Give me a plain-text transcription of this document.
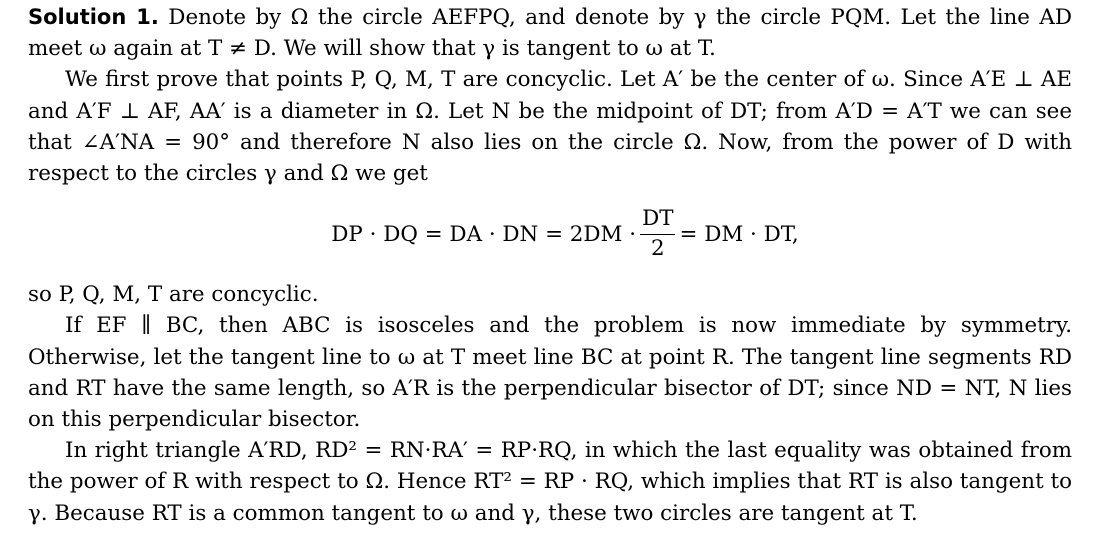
Solution 1. Denote by Ω the circle AEFPQ, and denote by γ the circle PQM. Let the line AD meet ω again at T ≠ D. We will show that γ is tangent to ω at T.

We first prove that points P, Q, M, T are concyclic. Let A′ be the center of ω. Since A′E ⊥ AE and A′F ⊥ AF, AA′ is a diameter in Ω. Let N be the midpoint of DT; from A′D = A′T we can see that ∠A′NA = 90° and therefore N also lies on the circle Ω. Now, from the power of D with respect to the circles γ and Ω we get

DP · DQ = DA · DN = $2DM \cdot \frac{DT}{2}$ = DM · DT,

so P, Q, M, T are concyclic.

If EF ∥ BC, then ABC is isosceles and the problem is now immediate by symmetry. Otherwise, let the tangent line to ω at T meet line BC at point R. The tangent line segments RD and RT have the same length, so A′R is the perpendicular bisector of DT; since ND = NT, N lies on this perpendicular bisector.

In right triangle A′RD, RD² = RN·RA′ = RP·RQ, in which the last equality was obtained from the power of R with respect to Ω. Hence RT² = RP · RQ, which implies that RT is also tangent to γ. Because RT is a common tangent to ω and γ, these two circles are tangent at T.
